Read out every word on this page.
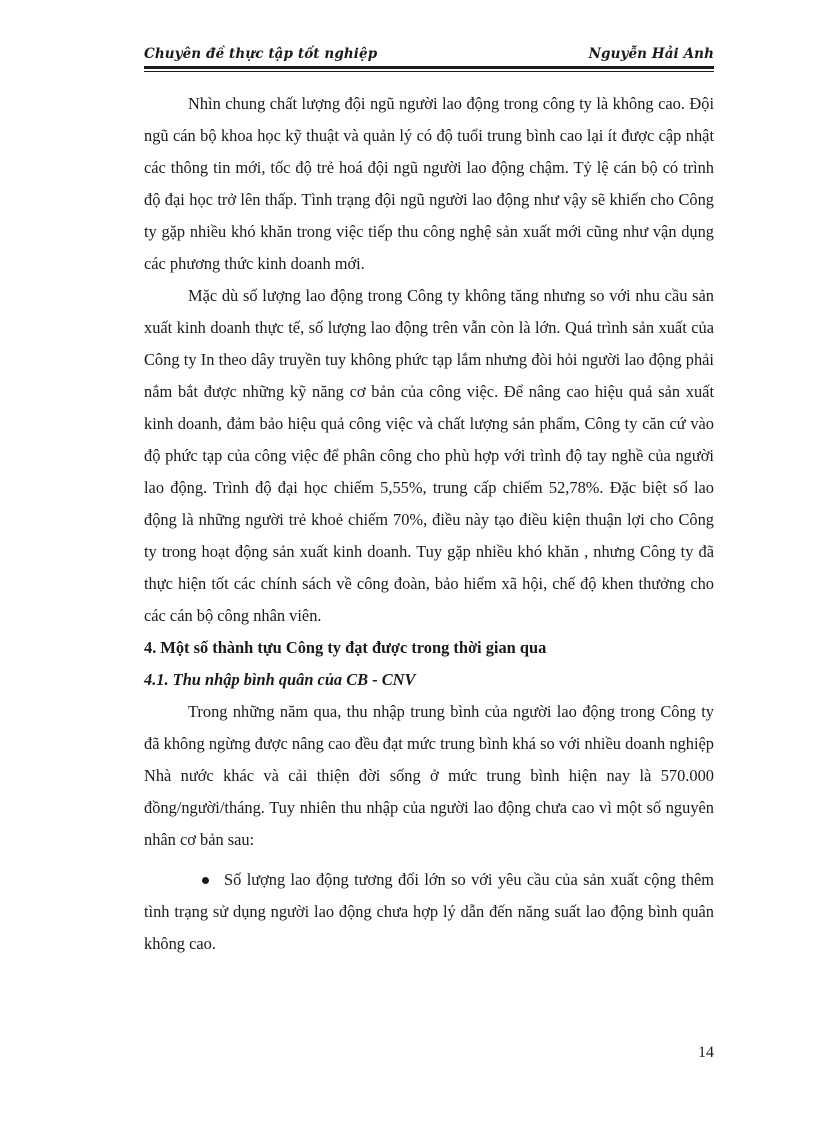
Chuyên đề thực tập tốt nghiệp	Nguyễn Hải Anh

Nhìn chung chất lượng đội ngũ người lao động trong công ty là không cao. Đội ngũ cán bộ khoa học kỹ thuật và quản lý có độ tuổi trung bình cao lại ít được cập nhật các thông tin mới, tốc độ trẻ hoá đội ngũ người lao động chậm. Tỷ lệ cán bộ có trình độ đại học trở lên thấp. Tình trạng đội ngũ người lao động như vậy sẽ khiến cho Công ty gặp nhiều khó khăn trong việc tiếp thu công nghệ sản xuất mới cũng như vận dụng các phương thức kinh doanh mới.

Mặc dù số lượng lao động trong Công ty không tăng nhưng so với nhu cầu sản xuất kinh doanh thực tế, số lượng lao động trên vẫn còn là lớn. Quá trình sản xuất của Công ty In theo dây truyền tuy không phức tạp lắm nhưng đòi hỏi người lao động phải nắm bắt được những kỹ năng cơ bản của công việc. Để nâng cao hiệu quả sản xuất kinh doanh, đảm bảo hiệu quả công việc và chất lượng sản phẩm, Công ty căn cứ vào độ phức tạp của công việc để phân công cho phù hợp với trình độ tay nghề của người lao động. Trình độ đại học chiếm 5,55%, trung cấp chiếm 52,78%. Đặc biệt số lao động là những người trẻ khoẻ chiếm 70%, điều này tạo điều kiện thuận lợi cho Công ty trong hoạt động sản xuất kinh doanh. Tuy gặp nhiều khó khăn , nhưng Công ty đã thực hiện tốt các chính sách về công đoàn, bảo hiểm xã hội, chế độ khen thưởng cho các cán bộ công nhân viên.

4. Một số thành tựu Công ty đạt được trong thời gian qua

4.1. Thu nhập bình quân của CB - CNV

Trong những năm qua, thu nhập trung bình của người lao động trong Công ty đã không ngừng được nâng cao đều đạt mức trung bình khá so với nhiều doanh nghiệp Nhà nước khác và cải thiện đời sống ở mức trung bình hiện nay là 570.000 đồng/người/tháng. Tuy nhiên thu nhập của người lao động chưa cao vì một số nguyên nhân cơ bản sau:

Số lượng lao động tương đối lớn so với yêu cầu của sản xuất cộng thêm tình trạng sử dụng người lao động chưa hợp lý dẫn đến năng suất lao động bình quân không cao.

14
